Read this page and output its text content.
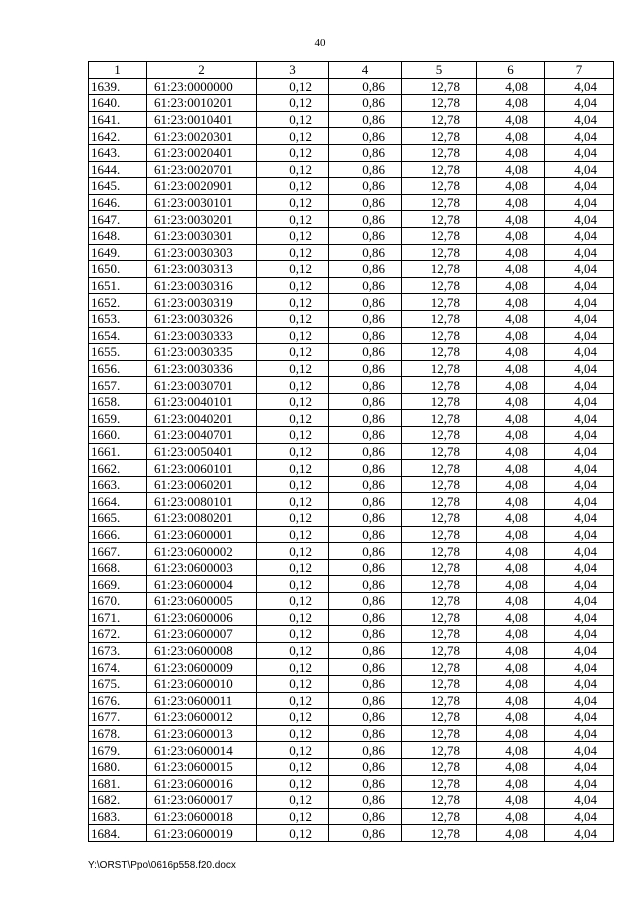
40
1	2	3	4	5	6	7
1639.	61:23:0000000	0,12	0,86	12,78	4,08	4,04
1640.	61:23:0010201	0,12	0,86	12,78	4,08	4,04
1641.	61:23:0010401	0,12	0,86	12,78	4,08	4,04
1642.	61:23:0020301	0,12	0,86	12,78	4,08	4,04
1643.	61:23:0020401	0,12	0,86	12,78	4,08	4,04
1644.	61:23:0020701	0,12	0,86	12,78	4,08	4,04
1645.	61:23:0020901	0,12	0,86	12,78	4,08	4,04
1646.	61:23:0030101	0,12	0,86	12,78	4,08	4,04
1647.	61:23:0030201	0,12	0,86	12,78	4,08	4,04
1648.	61:23:0030301	0,12	0,86	12,78	4,08	4,04
1649.	61:23:0030303	0,12	0,86	12,78	4,08	4,04
1650.	61:23:0030313	0,12	0,86	12,78	4,08	4,04
1651.	61:23:0030316	0,12	0,86	12,78	4,08	4,04
1652.	61:23:0030319	0,12	0,86	12,78	4,08	4,04
1653.	61:23:0030326	0,12	0,86	12,78	4,08	4,04
1654.	61:23:0030333	0,12	0,86	12,78	4,08	4,04
1655.	61:23:0030335	0,12	0,86	12,78	4,08	4,04
1656.	61:23:0030336	0,12	0,86	12,78	4,08	4,04
1657.	61:23:0030701	0,12	0,86	12,78	4,08	4,04
1658.	61:23:0040101	0,12	0,86	12,78	4,08	4,04
1659.	61:23:0040201	0,12	0,86	12,78	4,08	4,04
1660.	61:23:0040701	0,12	0,86	12,78	4,08	4,04
1661.	61:23:0050401	0,12	0,86	12,78	4,08	4,04
1662.	61:23:0060101	0,12	0,86	12,78	4,08	4,04
1663.	61:23:0060201	0,12	0,86	12,78	4,08	4,04
1664.	61:23:0080101	0,12	0,86	12,78	4,08	4,04
1665.	61:23:0080201	0,12	0,86	12,78	4,08	4,04
1666.	61:23:0600001	0,12	0,86	12,78	4,08	4,04
1667.	61:23:0600002	0,12	0,86	12,78	4,08	4,04
1668.	61:23:0600003	0,12	0,86	12,78	4,08	4,04
1669.	61:23:0600004	0,12	0,86	12,78	4,08	4,04
1670.	61:23:0600005	0,12	0,86	12,78	4,08	4,04
1671.	61:23:0600006	0,12	0,86	12,78	4,08	4,04
1672.	61:23:0600007	0,12	0,86	12,78	4,08	4,04
1673.	61:23:0600008	0,12	0,86	12,78	4,08	4,04
1674.	61:23:0600009	0,12	0,86	12,78	4,08	4,04
1675.	61:23:0600010	0,12	0,86	12,78	4,08	4,04
1676.	61:23:0600011	0,12	0,86	12,78	4,08	4,04
1677.	61:23:0600012	0,12	0,86	12,78	4,08	4,04
1678.	61:23:0600013	0,12	0,86	12,78	4,08	4,04
1679.	61:23:0600014	0,12	0,86	12,78	4,08	4,04
1680.	61:23:0600015	0,12	0,86	12,78	4,08	4,04
1681.	61:23:0600016	0,12	0,86	12,78	4,08	4,04
1682.	61:23:0600017	0,12	0,86	12,78	4,08	4,04
1683.	61:23:0600018	0,12	0,86	12,78	4,08	4,04
1684.	61:23:0600019	0,12	0,86	12,78	4,08	4,04
Y:\ORST\Ppo\0616p558.f20.docx
